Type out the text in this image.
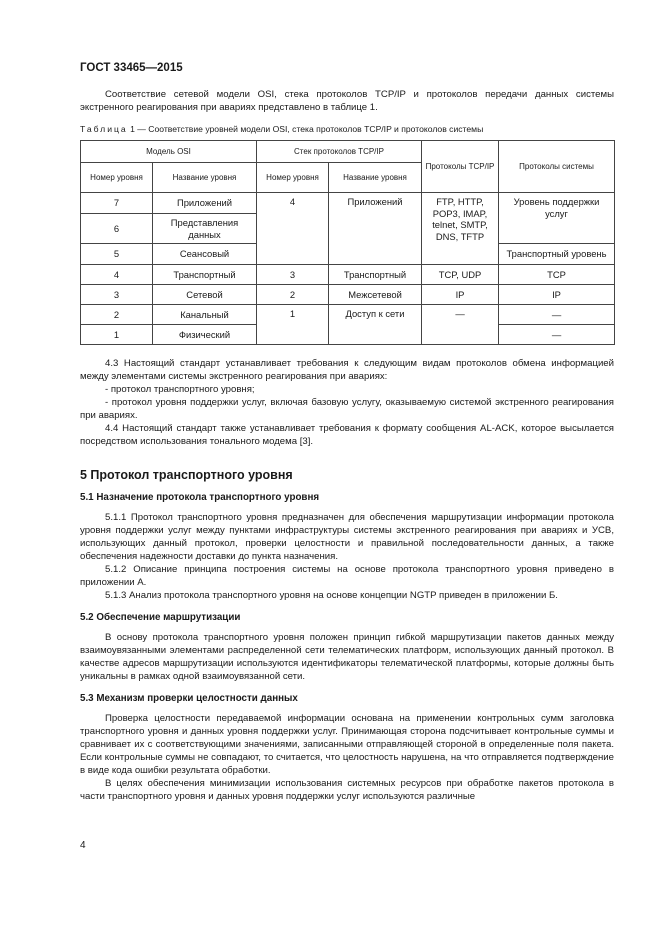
ГОСТ 33465—2015

Соответствие сетевой модели OSI, стека протоколов TCP/IP и протоколов передачи данных системы экстренного реагирования при авариях представлено в таблице 1.

Таблица 1 — Соответствие уровней модели OSI, стека протоколов TCP/IP и протоколов системы
Модель OSI		Стек протоколов TCP/IP		Протоколы TCP/IP	Протоколы системы
Номер уровня	Название уровня	Номер уровня	Название уровня		
7	Приложений	4	Приложений	FTP, HTTP, POP3, IMAP, telnet, SMTP, DNS, TFTP	Уровень поддержки услуг
6	Представления данных				
5	Сеансовый				Транспортный уровень
4	Транспортный	3	Транспортный	TCP, UDP	TCP
3	Сетевой	2	Межсетевой	IP	IP
2	Канальный	1	Доступ к сети	—	—
1	Физический				—

4.3 Настоящий стандарт устанавливает требования к следующим видам протоколов обмена информацией между элементами системы экстренного реагирования при авариях:

- протокол транспортного уровня;

- протокол уровня поддержки услуг, включая базовую услугу, оказываемую системой экстренного реагирования при авариях.

4.4 Настоящий стандарт также устанавливает требования к формату сообщения AL-ACK, которое высылается посредством использования тонального модема [3].

5 Протокол транспортного уровня
5.1 Назначение протокола транспортного уровня

5.1.1 Протокол транспортного уровня предназначен для обеспечения маршрутизации информации протокола уровня поддержки услуг между пунктами инфраструктуры системы экстренного реагирования при авариях и УСВ, использующих данный протокол, проверки целостности и правильной последовательности данных, а также обеспечения надежности доставки до пункта назначения.

5.1.2 Описание принципа построения системы на основе протокола транспортного уровня приведено в приложении А.

5.1.3 Анализ протокола транспортного уровня на основе концепции NGTP приведен в приложении Б.

5.2 Обеспечение маршрутизации

В основу протокола транспортного уровня положен принцип гибкой маршрутизации пакетов данных между взаимоувязанными элементами распределенной сети телематических платформ, использующих данный протокол. В качестве адресов маршрутизации используются идентификаторы телематической платформы, которые должны быть уникальны в рамках одной взаимоувязанной сети.

5.3 Механизм проверки целостности данных

Проверка целостности передаваемой информации основана на применении контрольных сумм заголовка транспортного уровня и данных уровня поддержки услуг. Принимающая сторона подсчитывает контрольные суммы и сравнивает их с соответствующими значениями, записанными отправляющей стороной в определенные поля пакета. Если контрольные суммы не совпадают, то считается, что целостность нарушена, на что отправляется подтверждение в виде кода ошибки результата обработки.

В целях обеспечения минимизации использования системных ресурсов при обработке пакетов протокола в части транспортного уровня и данных уровня поддержки услуг используются различные

4
